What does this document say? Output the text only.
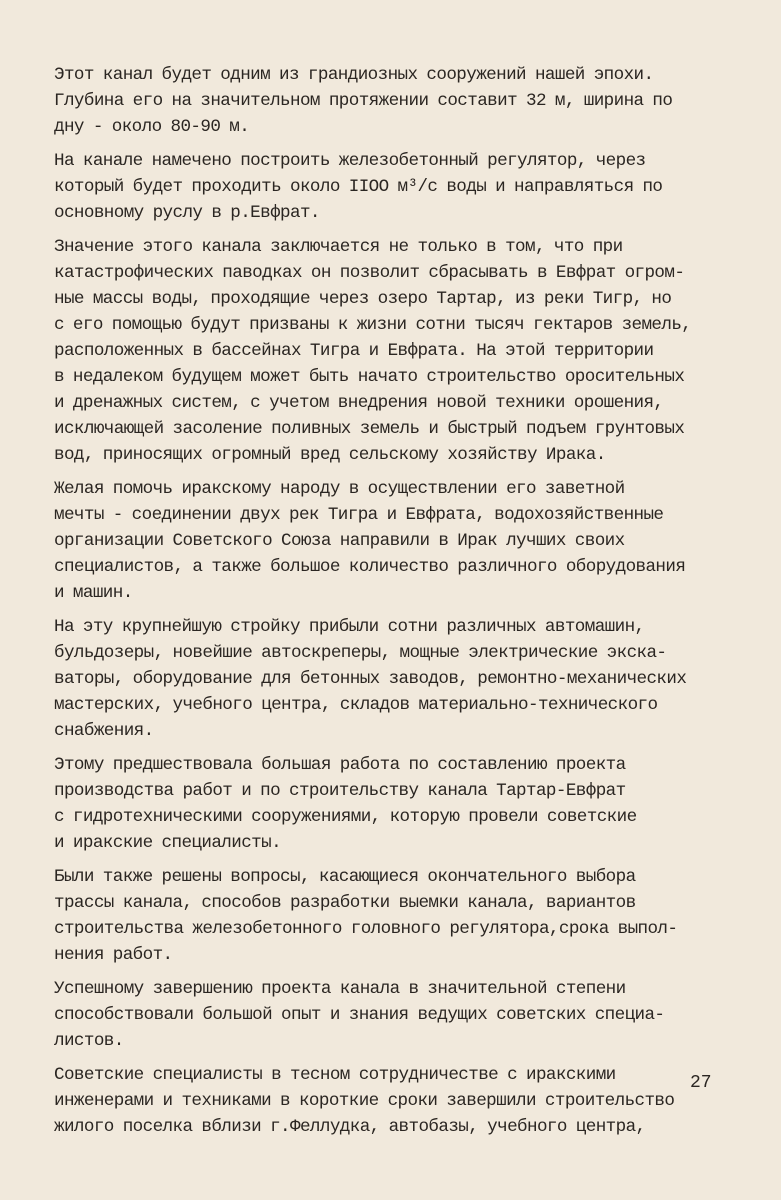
Этот канал будет одним из грандиозных сооружений нашей эпохи.
Глубина его на значительном протяжении составит 32 м, ширина по
дну - около 80-90 м.
На канале намечено построить железобетонный регулятор, через
который будет проходить около IIOO м³/с воды и направляться по
основному руслу в р.Евфрат.
Значение этого канала заключается не только в том, что при
катастрофических паводках он позволит сбрасывать в Евфрат огром-
ные массы воды, проходящие через озеро Тартар, из реки Тигр, но
с его помощью будут призваны к жизни сотни тысяч гектаров земель,
расположенных в бассейнах Тигра и Евфрата. На этой территории
в недалеком будущем может быть начато строительство оросительных
и дренажных систем, с учетом внедрения новой техники орошения,
исключающей засоление поливных земель и быстрый подъем грунтовых
вод, приносящих огромный вред сельскому хозяйству Ирака.
Желая помочь иракскому народу в осуществлении его заветной
мечты - соединении двух рек Тигра и Евфрата, водохозяйственные
организации Советского Союза направили в Ирак лучших своих
специалистов, а также большое количество различного оборудования
и машин.
На эту крупнейшую стройку прибыли сотни различных автомашин,
бульдозеры, новейшие автоскреперы, мощные электрические экска-
ваторы, оборудование для бетонных заводов, ремонтно-механических
мастерских, учебного центра, складов материально-технического
снабжения.
Этому предшествовала большая работа по составлению проекта
производства работ и по строительству канала Тартар-Евфрат
с гидротехническими сооружениями, которую провели советские
и иракские специалисты.
Были также решены вопросы, касающиеся окончательного выбора
трассы канала, способов разработки выемки канала, вариантов
строительства железобетонного головного регулятора,срока выпол-
нения работ.
Успешному завершению проекта канала в значительной степени
способствовали большой опыт и знания ведущих советских специа-
листов.
Советские специалисты в тесном сотрудничестве с иракскими
инженерами и техниками в короткие сроки завершили строительство
жилого поселка вблизи г.Феллудка, автобазы, учебного центра,
27
